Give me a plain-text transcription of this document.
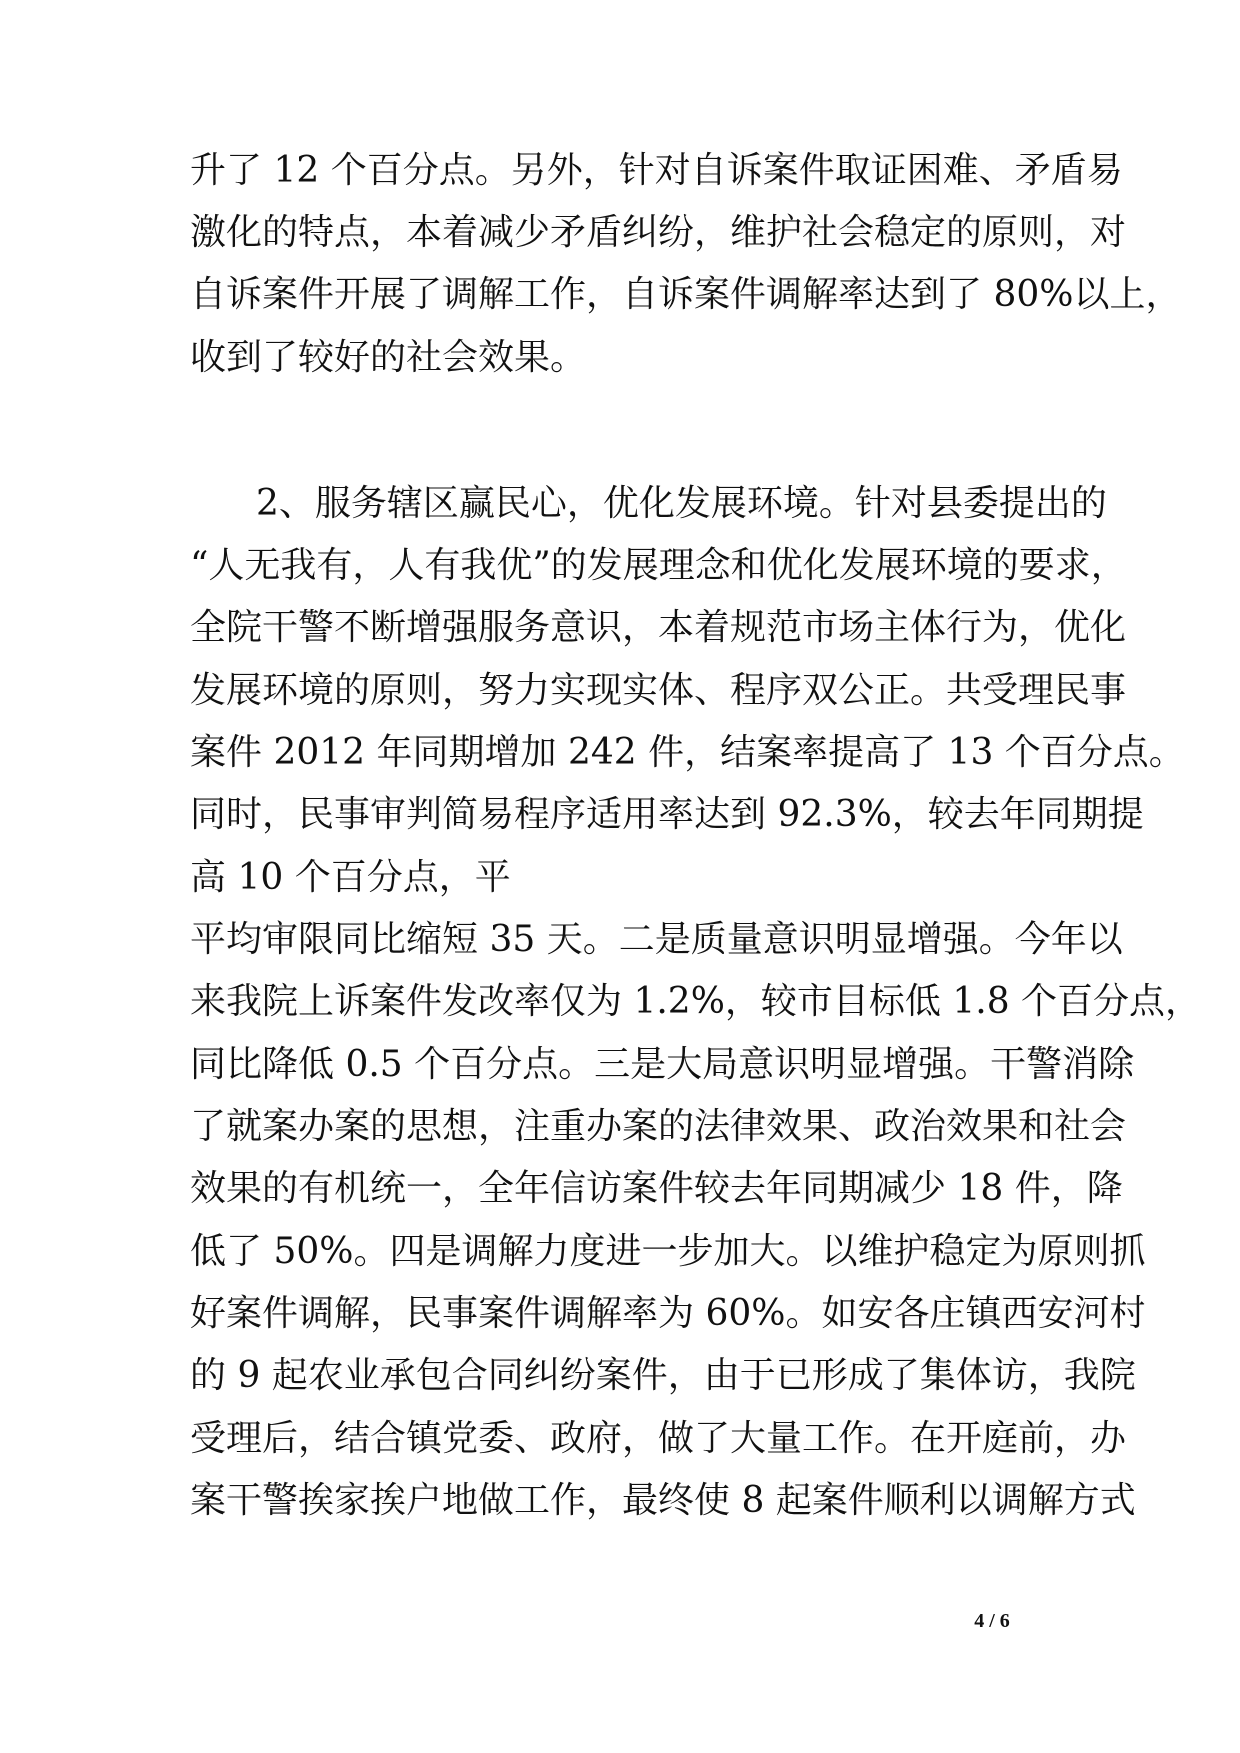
升了 12 个百分点。另外，针对自诉案件取证困难、矛盾易

激化的特点，本着减少矛盾纠纷，维护社会稳定的原则，对

自诉案件开展了调解工作，自诉案件调解率达到了 80%以上，

收到了较好的社会效果。

2、服务辖区赢民心，优化发展环境。针对县委提出的

“人无我有，人有我优”的发展理念和优化发展环境的要求，

全院干警不断增强服务意识，本着规范市场主体行为，优化

发展环境的原则，努力实现实体、程序双公正。共受理民事

案件 2012 年同期增加 242 件，结案率提高了 13 个百分点。

同时，民事审判简易程序适用率达到 92.3%，较去年同期提

高 10 个百分点，平

平均审限同比缩短 35 天。二是质量意识明显增强。今年以

来我院上诉案件发改率仅为 1.2%，较市目标低 1.8 个百分点，

同比降低 0.5 个百分点。三是大局意识明显增强。干警消除

了就案办案的思想，注重办案的法律效果、政治效果和社会

效果的有机统一，全年信访案件较去年同期减少 18 件，降

低了 50%。四是调解力度进一步加大。以维护稳定为原则抓

好案件调解，民事案件调解率为 60%。如安各庄镇西安河村

的 9 起农业承包合同纠纷案件，由于已形成了集体访，我院

受理后，结合镇党委、政府，做了大量工作。在开庭前，办

案干警挨家挨户地做工作，最终使 8 起案件顺利以调解方式

4 / 6
